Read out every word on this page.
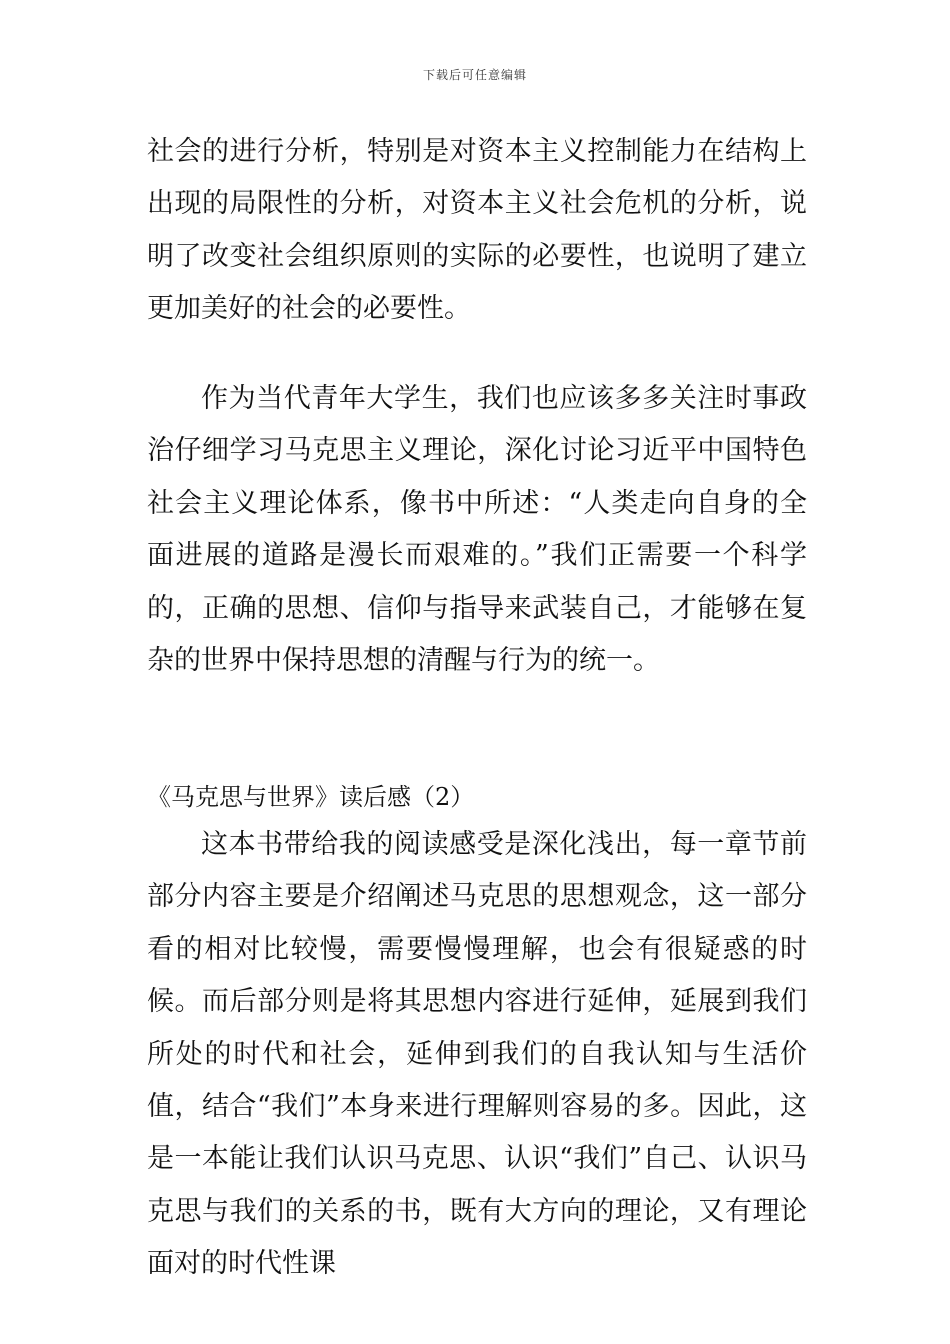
下载后可任意编辑
社会的进行分析，特别是对资本主义控制能力在结构上出现的局限性的分析，对资本主义社会危机的分析，说明了改变社会组织原则的实际的必要性，也说明了建立更加美好的社会的必要性。
作为当代青年大学生，我们也应该多多关注时事政治仔细学习马克思主义理论，深化讨论习近平中国特色社会主义理论体系，像书中所述：“人类走向自身的全面进展的道路是漫长而艰难的。”我们正需要一个科学的，正确的思想、信仰与指导来武装自己，才能够在复杂的世界中保持思想的清醒与行为的统一。
《马克思与世界》读后感（2）
这本书带给我的阅读感受是深化浅出，每一章节前部分内容主要是介绍阐述马克思的思想观念，这一部分看的相对比较慢，需要慢慢理解，也会有很疑惑的时候。而后部分则是将其思想内容进行延伸，延展到我们所处的时代和社会，延伸到我们的自我认知与生活价值，结合“我们”本身来进行理解则容易的多。因此，这是一本能让我们认识马克思、认识“我们”自己、认识马克思与我们的关系的书，既有大方向的理论，又有理论面对的时代性课
